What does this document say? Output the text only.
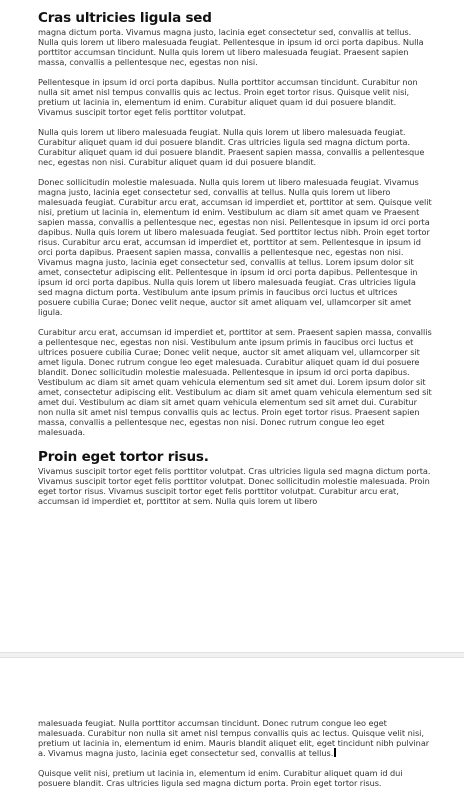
Cras ultricies ligula sed

magna dictum porta. Vivamus magna justo, lacinia eget consectetur sed, convallis at tellus. Nulla quis lorem ut libero malesuada feugiat. Pellentesque in ipsum id orci porta dapibus. Nulla porttitor accumsan tincidunt. Nulla quis lorem ut libero malesuada feugiat. Praesent sapien massa, convallis a pellentesque nec, egestas non nisi.

Pellentesque in ipsum id orci porta dapibus. Nulla porttitor accumsan tincidunt. Curabitur non nulla sit amet nisl tempus convallis quis ac lectus. Proin eget tortor risus. Quisque velit nisi, pretium ut lacinia in, elementum id enim. Curabitur aliquet quam id dui posuere blandit. Vivamus suscipit tortor eget felis porttitor volutpat.

Nulla quis lorem ut libero malesuada feugiat. Nulla quis lorem ut libero malesuada feugiat. Curabitur aliquet quam id dui posuere blandit. Cras ultricies ligula sed magna dictum porta. Curabitur aliquet quam id dui posuere blandit. Praesent sapien massa, convallis a pellentesque nec, egestas non nisi. Curabitur aliquet quam id dui posuere blandit.

Donec sollicitudin molestie malesuada. Nulla quis lorem ut libero malesuada feugiat. Vivamus magna justo, lacinia eget consectetur sed, convallis at tellus. Nulla quis lorem ut libero malesuada feugiat. Curabitur arcu erat, accumsan id imperdiet et, porttitor at sem. Quisque velit nisi, pretium ut lacinia in, elementum id enim. Vestibulum ac diam sit amet quam ve Praesent sapien massa, convallis a pellentesque nec, egestas non nisi. Pellentesque in ipsum id orci porta dapibus. Nulla quis lorem ut libero malesuada feugiat. Sed porttitor lectus nibh. Proin eget tortor risus. Curabitur arcu erat, accumsan id imperdiet et, porttitor at sem. Pellentesque in ipsum id orci porta dapibus. Praesent sapien massa, convallis a pellentesque nec, egestas non nisi. Vivamus magna justo, lacinia eget consectetur sed, convallis at tellus. Lorem ipsum dolor sit amet, consectetur adipiscing elit. Pellentesque in ipsum id orci porta dapibus. Pellentesque in ipsum id orci porta dapibus. Nulla quis lorem ut libero malesuada feugiat. Cras ultricies ligula sed magna dictum porta. Vestibulum ante ipsum primis in faucibus orci luctus et ultrices posuere cubilia Curae; Donec velit neque, auctor sit amet aliquam vel, ullamcorper sit amet ligula.

Curabitur arcu erat, accumsan id imperdiet et, porttitor at sem. Praesent sapien massa, convallis a pellentesque nec, egestas non nisi. Vestibulum ante ipsum primis in faucibus orci luctus et ultrices posuere cubilia Curae; Donec velit neque, auctor sit amet aliquam vel, ullamcorper sit amet ligula. Donec rutrum congue leo eget malesuada. Curabitur aliquet quam id dui posuere blandit. Donec sollicitudin molestie malesuada. Pellentesque in ipsum id orci porta dapibus. Vestibulum ac diam sit amet quam vehicula elementum sed sit amet dui. Lorem ipsum dolor sit amet, consectetur adipiscing elit. Vestibulum ac diam sit amet quam vehicula elementum sed sit amet dui. Vestibulum ac diam sit amet quam vehicula elementum sed sit amet dui. Curabitur non nulla sit amet nisl tempus convallis quis ac lectus. Proin eget tortor risus. Praesent sapien massa, convallis a pellentesque nec, egestas non nisi. Donec rutrum congue leo eget malesuada.

Proin eget tortor risus.

Vivamus suscipit tortor eget felis porttitor volutpat. Cras ultricies ligula sed magna dictum porta. Vivamus suscipit tortor eget felis porttitor volutpat. Donec sollicitudin molestie malesuada. Proin eget tortor risus. Vivamus suscipit tortor eget felis porttitor volutpat. Curabitur arcu erat, accumsan id imperdiet et, porttitor at sem. Nulla quis lorem ut libero

malesuada feugiat. Nulla porttitor accumsan tincidunt. Donec rutrum congue leo eget malesuada. Curabitur non nulla sit amet nisl tempus convallis quis ac lectus. Quisque velit nisi, pretium ut lacinia in, elementum id enim. Mauris blandit aliquet elit, eget tincidunt nibh pulvinar a. Vivamus magna justo, lacinia eget consectetur sed, convallis at tellus.

Quisque velit nisi, pretium ut lacinia in, elementum id enim. Curabitur aliquet quam id dui posuere blandit. Cras ultricies ligula sed magna dictum porta. Proin eget tortor risus.
